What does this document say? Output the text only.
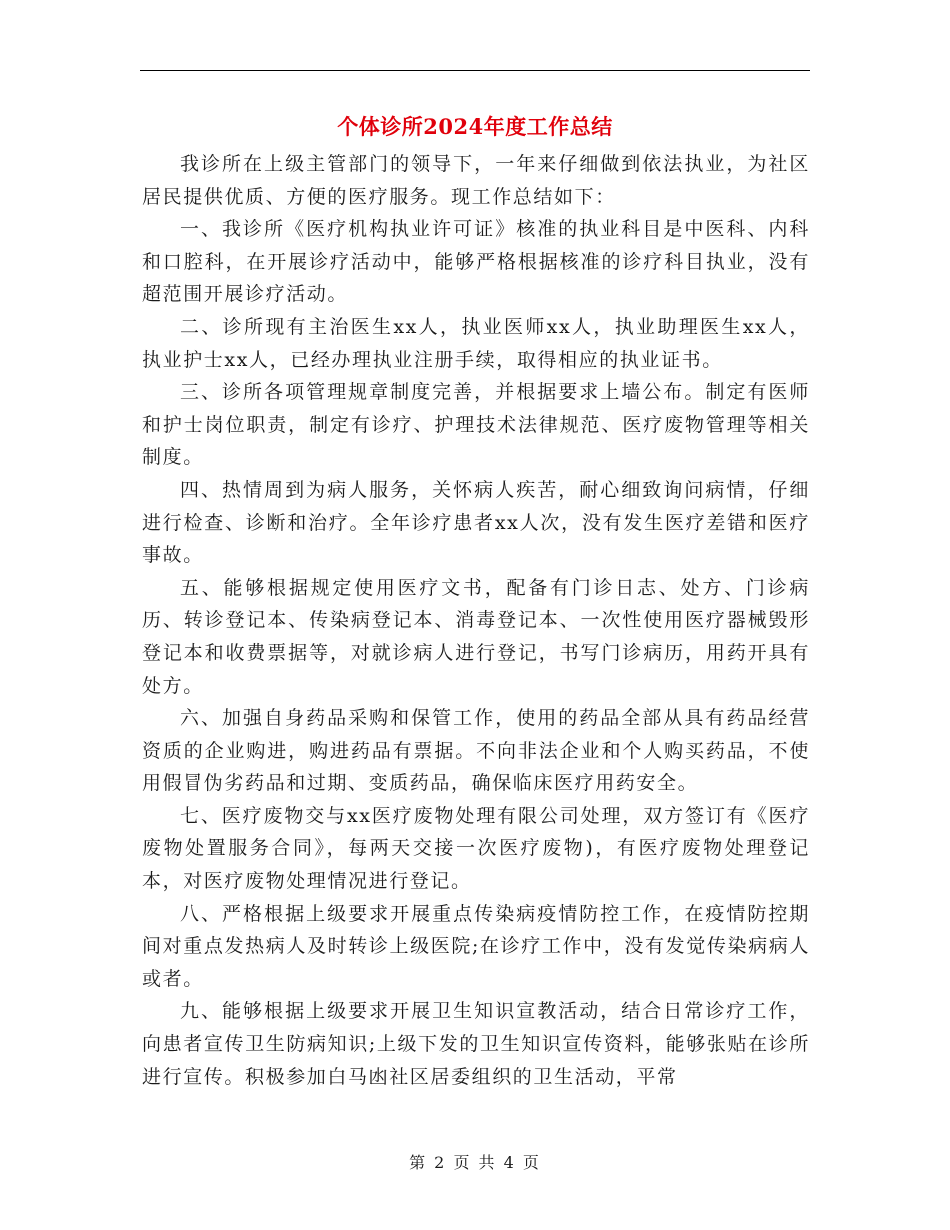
个体诊所2024年度工作总结

我诊所在上级主管部门的领导下，一年来仔细做到依法执业，为社区居民提供优质、方便的医疗服务。现工作总结如下：

一、我诊所《医疗机构执业许可证》核准的执业科目是中医科、内科和口腔科，在开展诊疗活动中，能够严格根据核准的诊疗科目执业，没有超范围开展诊疗活动。

二、诊所现有主治医生xx人，执业医师xx人，执业助理医生xx人，执业护士xx人，已经办理执业注册手续，取得相应的执业证书。

三、诊所各项管理规章制度完善，并根据要求上墙公布。制定有医师和护士岗位职责，制定有诊疗、护理技术法律规范、医疗废物管理等相关制度。

四、热情周到为病人服务，关怀病人疾苦，耐心细致询问病情，仔细进行检查、诊断和治疗。全年诊疗患者xx人次，没有发生医疗差错和医疗事故。

五、能够根据规定使用医疗文书，配备有门诊日志、处方、门诊病历、转诊登记本、传染病登记本、消毒登记本、一次性使用医疗器械毁形登记本和收费票据等，对就诊病人进行登记，书写门诊病历，用药开具有处方。

六、加强自身药品采购和保管工作，使用的药品全部从具有药品经营资质的企业购进，购进药品有票据。不向非法企业和个人购买药品，不使用假冒伪劣药品和过期、变质药品，确保临床医疗用药安全。

七、医疗废物交与xx医疗废物处理有限公司处理，双方签订有《医疗废物处置服务合同》，每两天交接一次医疗废物)，有医疗废物处理登记本，对医疗废物处理情况进行登记。

八、严格根据上级要求开展重点传染病疫情防控工作，在疫情防控期间对重点发热病人及时转诊上级医院;在诊疗工作中，没有发觉传染病病人或者。

九、能够根据上级要求开展卫生知识宣教活动，结合日常诊疗工作，向患者宣传卫生防病知识;上级下发的卫生知识宣传资料，能够张贴在诊所进行宣传。积极参加白马凼社区居委组织的卫生活动，平常

第 2 页 共 4 页
